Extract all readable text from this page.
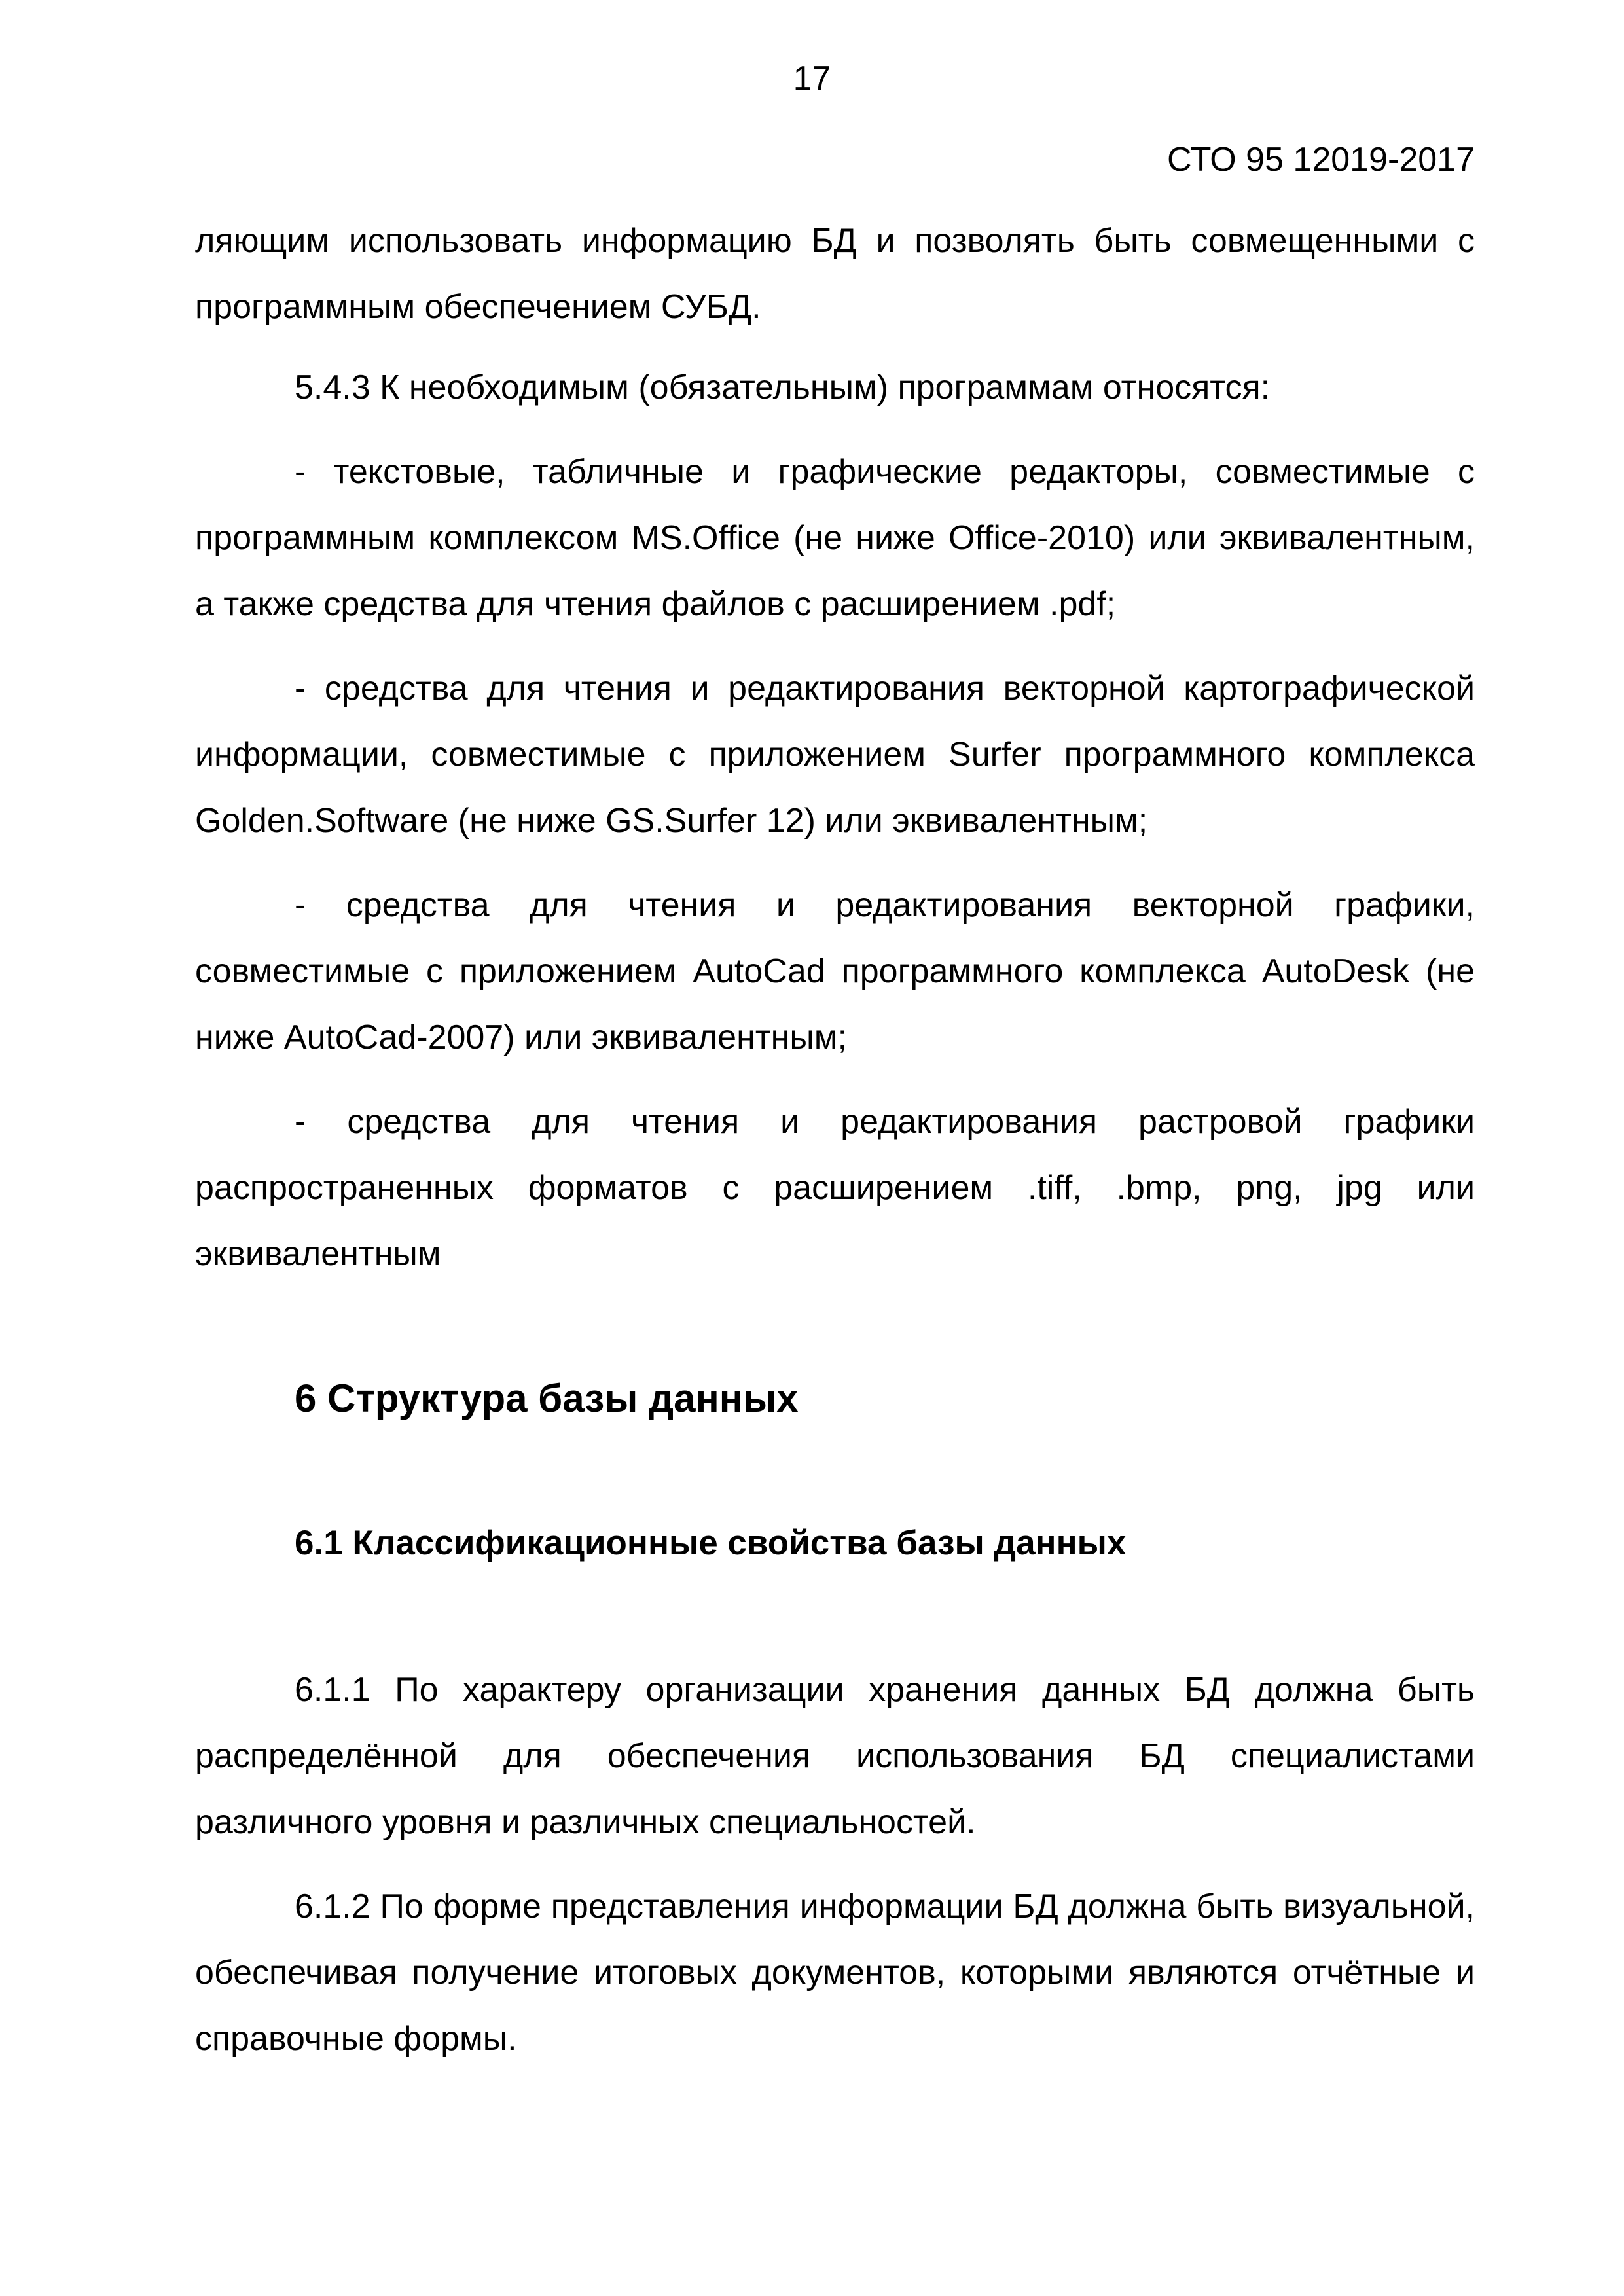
17
СТО 95 12019-2017

ляющим использовать информацию БД и позволять быть совмещенными с программным обеспечением СУБД.

5.4.3 К необходимым (обязательным) программам относятся:

- текстовые, табличные и графические редакторы, совместимые с программным комплексом MS.Office (не ниже Office-2010) или эквивалентным, а также средства для чтения файлов с расширением .pdf;

- средства для чтения и редактирования векторной картографической информации, совместимые с приложением Surfer программного комплекса Golden.Software (не ниже GS.Surfer 12) или эквивалентным;

- средства для чтения и редактирования векторной графики, совместимые с приложением AutoCad программного комплекса AutoDesk (не ниже AutoCad-2007) или эквивалентным;

- средства для чтения и редактирования растровой графики распространенных форматов с расширением .tiff, .bmp, png, jpg или эквивалентным

6 Структура базы данных
6.1 Классификационные свойства базы данных

6.1.1 По характеру организации хранения данных БД должна быть распределённой для обеспечения использования БД специалистами различного уровня и различных специальностей.

6.1.2 По форме представления информации БД должна быть визуальной, обеспечивая получение итоговых документов, которыми являются отчётные и справочные формы.
